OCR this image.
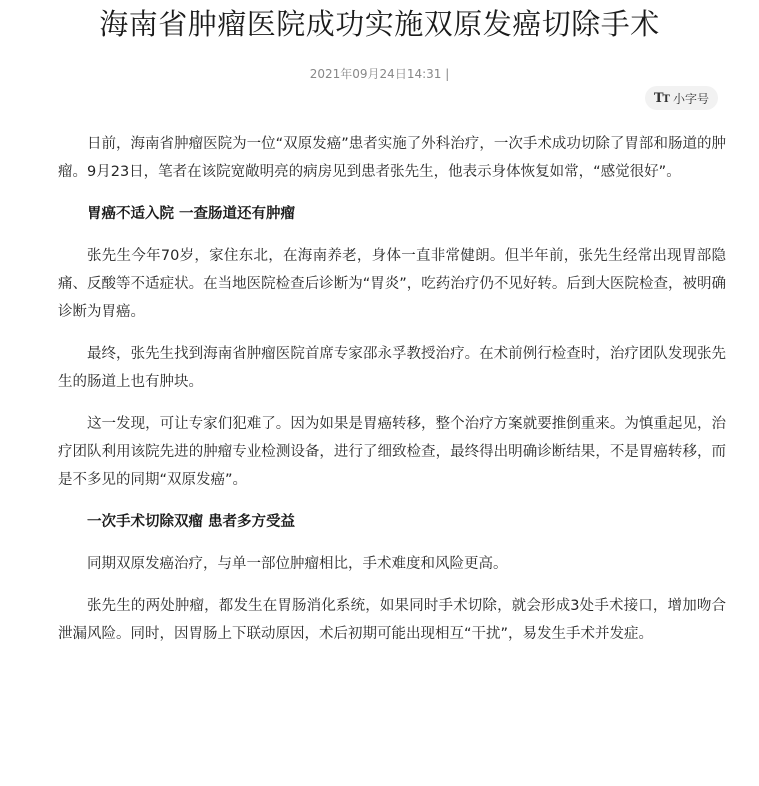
海南省肿瘤医院成功实施双原发癌切除手术
2021年09月24日14:31 |
TT 小字号

日前，海南省肿瘤医院为一位“双原发癌”患者实施了外科治疗，一次手术成功切除了胃部和肠道的肿瘤。9月23日，笔者在该院宽敞明亮的病房见到患者张先生，他表示身体恢复如常，“感觉很好”。

胃癌不适入院 一查肠道还有肿瘤

张先生今年70岁，家住东北，在海南养老，身体一直非常健朗。但半年前，张先生经常出现胃部隐痛、反酸等不适症状。在当地医院检查后诊断为“胃炎”，吃药治疗仍不见好转。后到大医院检查，被明确诊断为胃癌。

最终，张先生找到海南省肿瘤医院首席专家邵永孚教授治疗。在术前例行检查时，治疗团队发现张先生的肠道上也有肿块。

这一发现，可让专家们犯难了。因为如果是胃癌转移，整个治疗方案就要推倒重来。为慎重起见，治疗团队利用该院先进的肿瘤专业检测设备，进行了细致检查，最终得出明确诊断结果，不是胃癌转移，而是不多见的同期“双原发癌”。

一次手术切除双瘤 患者多方受益

同期双原发癌治疗，与单一部位肿瘤相比，手术难度和风险更高。

张先生的两处肿瘤，都发生在胃肠消化系统，如果同时手术切除，就会形成3处手术接口，增加吻合泄漏风险。同时，因胃肠上下联动原因，术后初期可能出现相互“干扰”，易发生手术并发症。
